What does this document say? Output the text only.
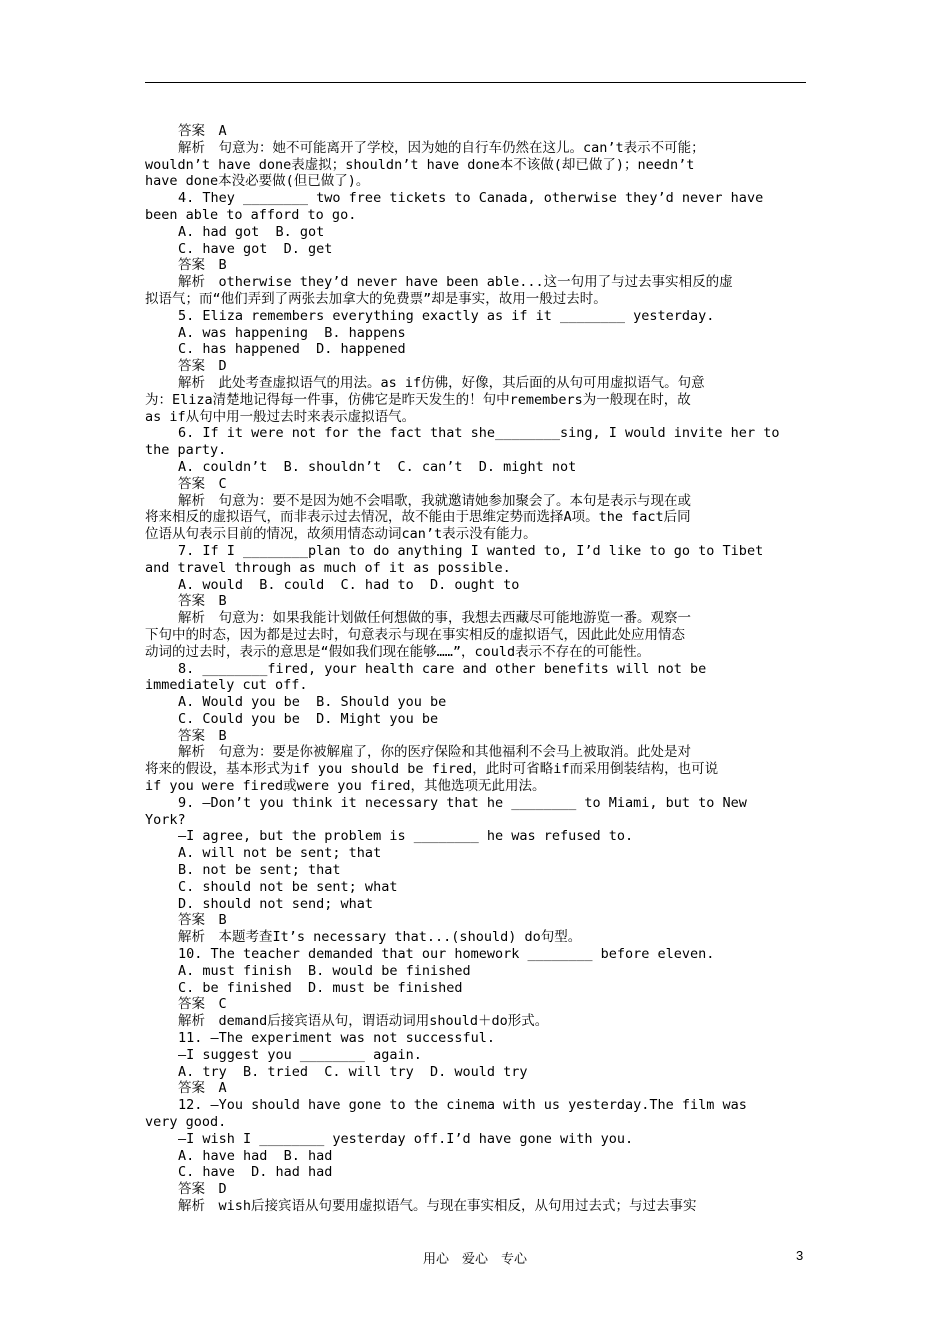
答案　A
解析　句意为：她不可能离开了学校，因为她的自行车仍然在这儿。can’t表示不可能；
wouldn’t have done表虚拟；shouldn’t have done本不该做(却已做了)；needn’t
have done本没必要做(但已做了)。
4. They ________ two free tickets to Canada, otherwise they’d never have
been able to afford to go.
A. had got  B. got
C. have got  D. get
答案　B
解析　otherwise they’d never have been able...这一句用了与过去事实相反的虚
拟语气；而“他们弄到了两张去加拿大的免费票”却是事实，故用一般过去时。
5. Eliza remembers everything exactly as if it ________ yesterday.
A. was happening  B. happens
C. has happened  D. happened
答案　D
解析　此处考查虚拟语气的用法。as if仿佛，好像，其后面的从句可用虚拟语气。句意
为：Eliza清楚地记得每一件事，仿佛它是昨天发生的！句中remembers为一般现在时，故
as if从句中用一般过去时来表示虚拟语气。
6. If it were not for the fact that she________sing, I would invite her to
the party.
A. couldn’t  B. shouldn’t  C. can’t  D. might not
答案　C
解析　句意为：要不是因为她不会唱歌，我就邀请她参加聚会了。本句是表示与现在或
将来相反的虚拟语气，而非表示过去情况，故不能由于思维定势而选择A项。the fact后同
位语从句表示目前的情况，故须用情态动词can’t表示没有能力。
7. If I ________plan to do anything I wanted to, I’d like to go to Tibet
and travel through as much of it as possible.
A. would  B. could  C. had to  D. ought to
答案　B
解析　句意为：如果我能计划做任何想做的事，我想去西藏尽可能地游览一番。观察一
下句中的时态，因为都是过去时，句意表示与现在事实相反的虚拟语气，因此此处应用情态
动词的过去时，表示的意思是“假如我们现在能够……”，could表示不存在的可能性。
8. ________fired, your health care and other benefits will not be
immediately cut off.
A. Would you be  B. Should you be
C. Could you be  D. Might you be
答案　B
解析　句意为：要是你被解雇了，你的医疗保险和其他福利不会马上被取消。此处是对
将来的假设，基本形式为if you should be fired，此时可省略if而采用倒装结构，也可说
if you were fired或were you fired，其他选项无此用法。
9. —Don’t you think it necessary that he ________ to Miami, but to New
York?
—I agree, but the problem is ________ he was refused to.
A. will not be sent; that
B. not be sent; that
C. should not be sent; what
D. should not send; what
答案　B
解析　本题考查It’s necessary that...(should) do句型。
10. The teacher demanded that our homework ________ before eleven.
A. must finish  B. would be finished
C. be finished  D. must be finished
答案　C
解析　demand后接宾语从句，谓语动词用should＋do形式。
11. —The experiment was not successful.
—I suggest you ________ again.
A. try  B. tried  C. will try  D. would try
答案　A
12. —You should have gone to the cinema with us yesterday.The film was
very good.
—I wish I ________ yesterday off.I’d have gone with you.
A. have had  B. had
C. have  D. had had
答案　D
解析　wish后接宾语从句要用虚拟语气。与现在事实相反，从句用过去式；与过去事实
用心　爱心　专心	3
